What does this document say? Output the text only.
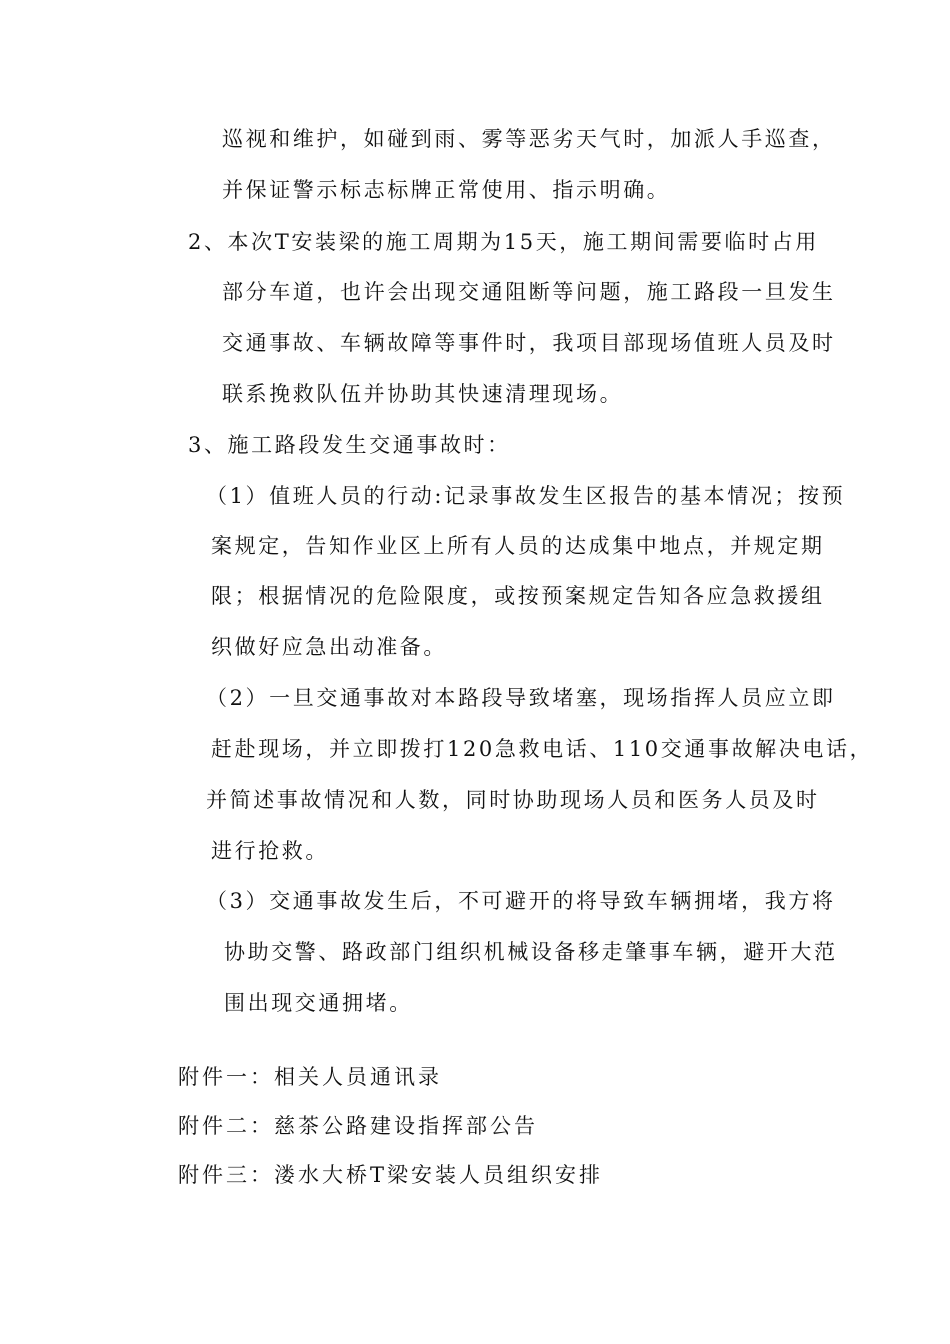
巡视和维护，如碰到雨、雾等恶劣天气时，加派人手巡查，
并保证警示标志标牌正常使用、指示明确。
2、本次T安装梁的施工周期为15天，施工期间需要临时占用
部分车道，也许会出现交通阻断等问题，施工路段一旦发生
交通事故、车辆故障等事件时，我项目部现场值班人员及时
联系挽救队伍并协助其快速清理现场。
3、施工路段发生交通事故时：
（1）值班人员的行动:记录事故发生区报告的基本情况；按预
案规定，告知作业区上所有人员的达成集中地点，并规定期
限；根据情况的危险限度，或按预案规定告知各应急救援组
织做好应急出动准备。
（2）一旦交通事故对本路段导致堵塞，现场指挥人员应立即
赶赴现场，并立即拨打120急救电话、110交通事故解决电话，
并简述事故情况和人数，同时协助现场人员和医务人员及时
进行抢救。
（3）交通事故发生后，不可避开的将导致车辆拥堵，我方将
协助交警、路政部门组织机械设备移走肇事车辆，避开大范
围出现交通拥堵。
附件一：相关人员通讯录
附件二：慈茶公路建设指挥部公告
附件三：溇水大桥T梁安装人员组织安排
